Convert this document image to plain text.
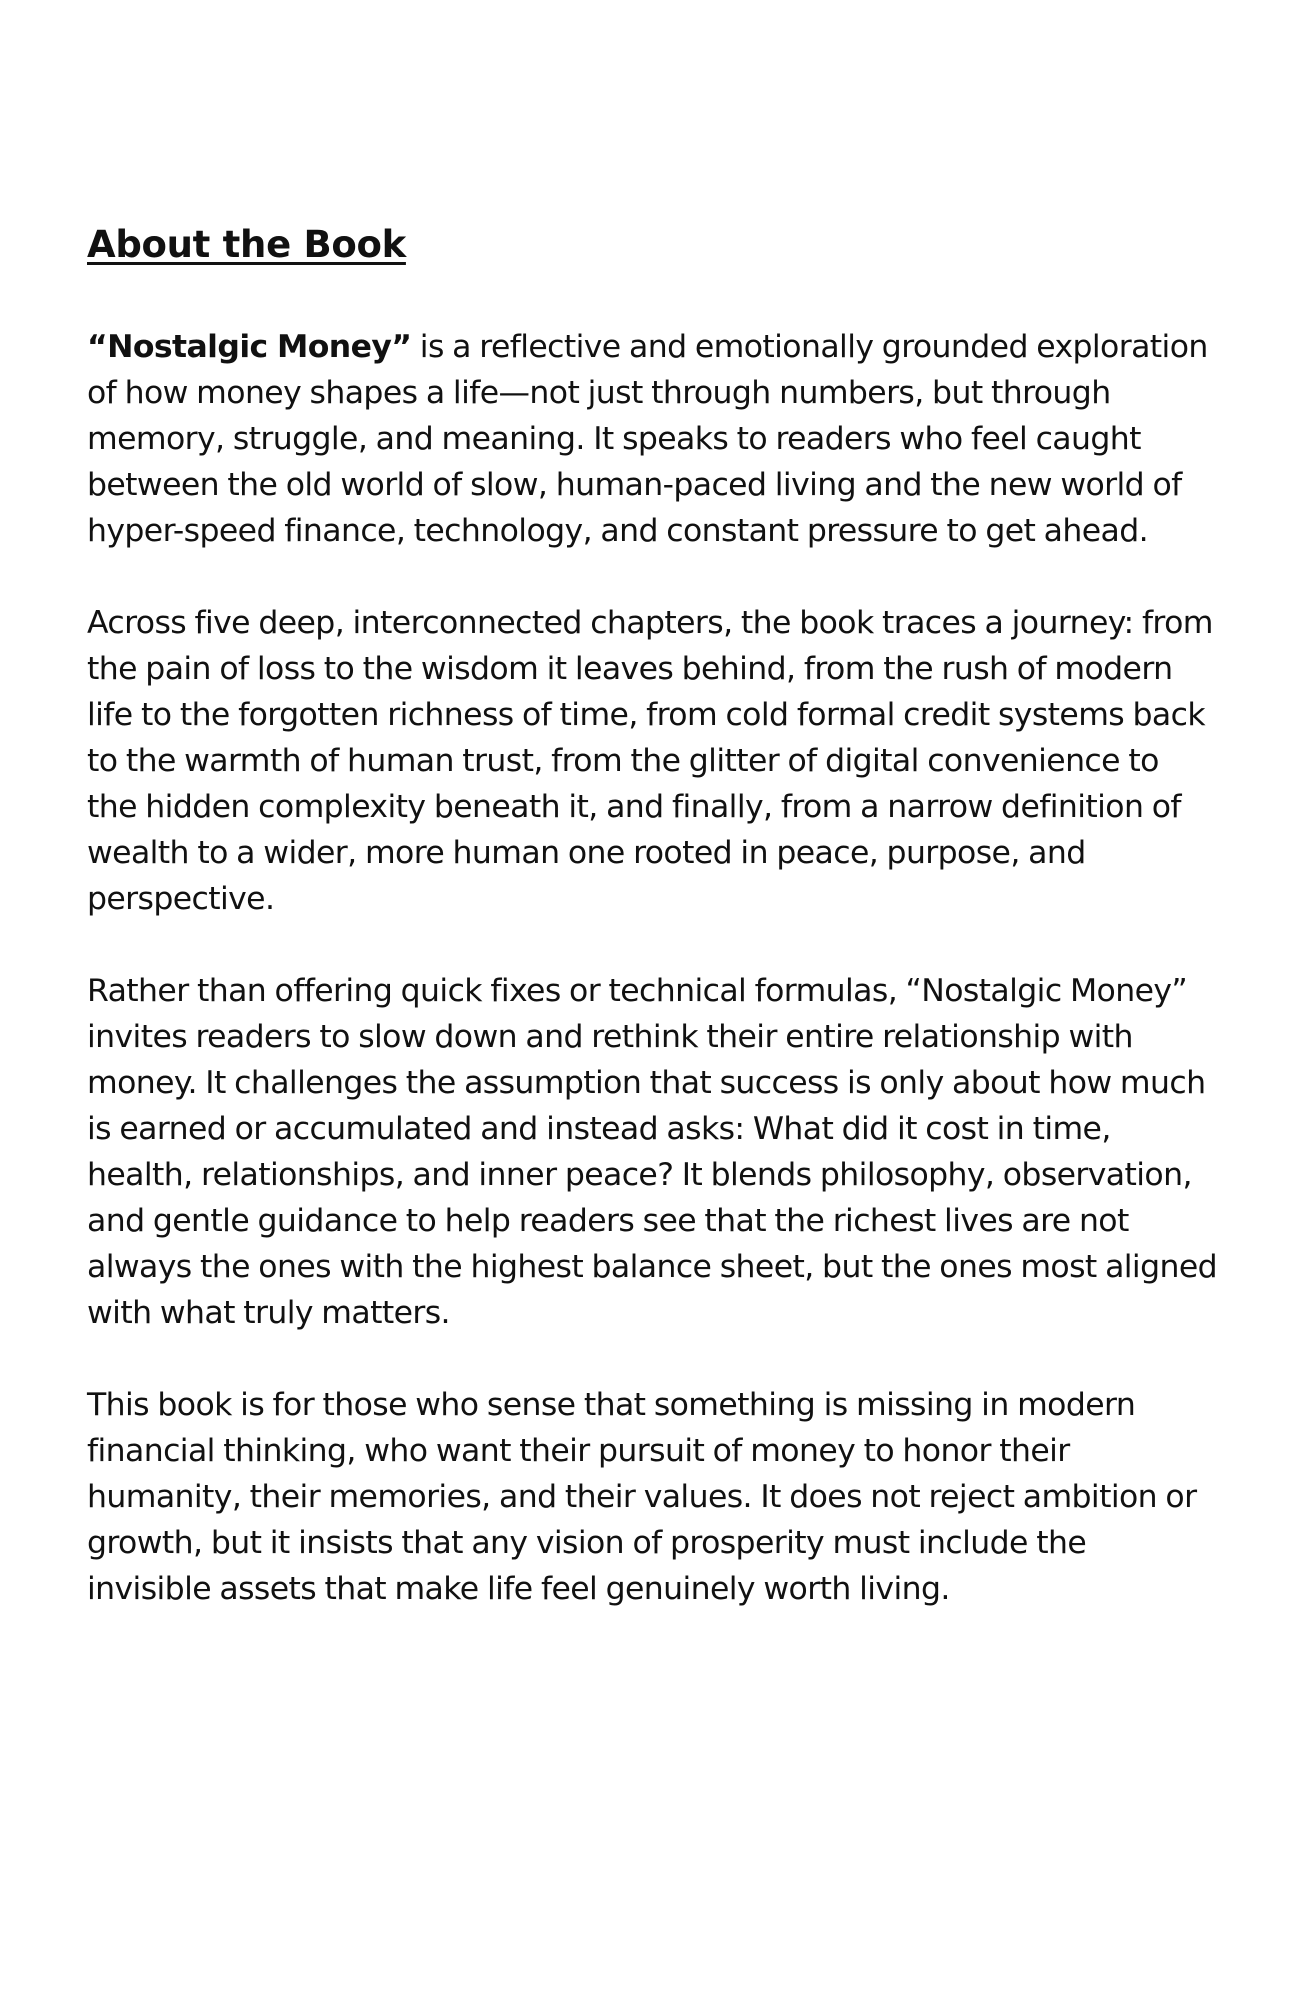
About the Book

“Nostalgic Money” is a reflective and emotionally grounded exploration of how money shapes a life—not just through numbers, but through memory, struggle, and meaning. It speaks to readers who feel caught between the old world of slow, human-paced living and the new world of hyper-speed finance, technology, and constant pressure to get ahead.

Across five deep, interconnected chapters, the book traces a journey: from the pain of loss to the wisdom it leaves behind, from the rush of modern life to the forgotten richness of time, from cold formal credit systems back to the warmth of human trust, from the glitter of digital convenience to the hidden complexity beneath it, and finally, from a narrow definition of wealth to a wider, more human one rooted in peace, purpose, and perspective.

Rather than offering quick fixes or technical formulas, “Nostalgic Money” invites readers to slow down and rethink their entire relationship with money. It challenges the assumption that success is only about how much is earned or accumulated and instead asks: What did it cost in time, health, relationships, and inner peace? It blends philosophy, observation, and gentle guidance to help readers see that the richest lives are not always the ones with the highest balance sheet, but the ones most aligned with what truly matters.

This book is for those who sense that something is missing in modern financial thinking, who want their pursuit of money to honor their humanity, their memories, and their values. It does not reject ambition or growth, but it insists that any vision of prosperity must include the invisible assets that make life feel genuinely worth living.
